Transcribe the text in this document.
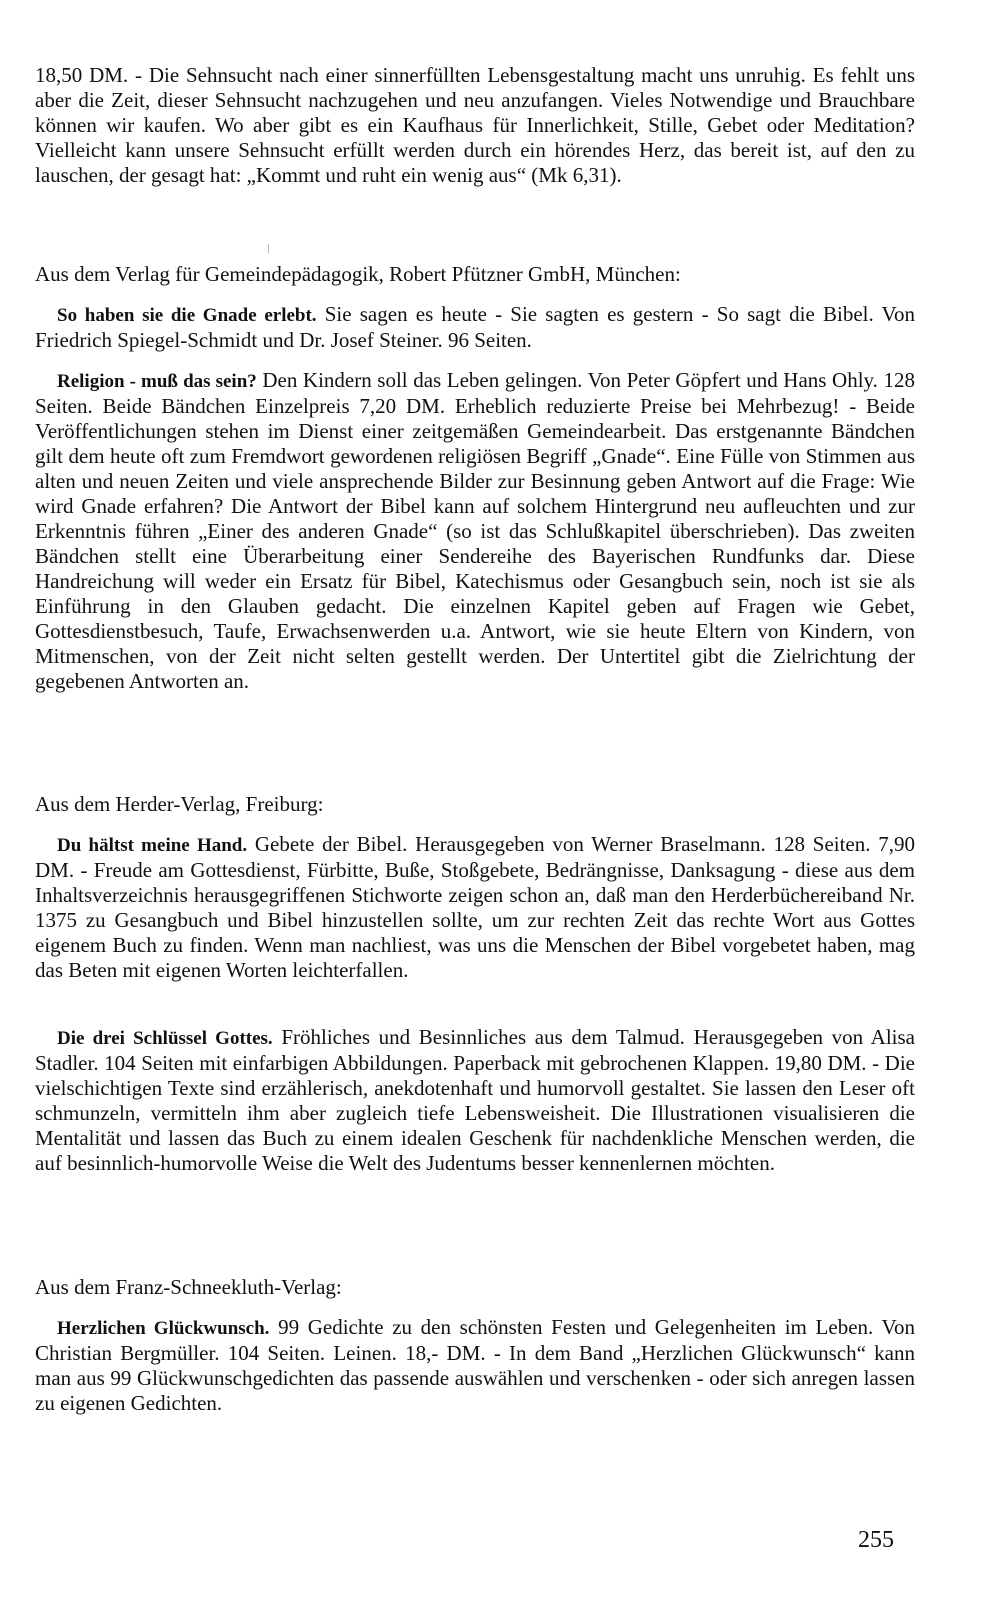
18,50 DM. - Die Sehnsucht nach einer sinnerfüllten Lebensgestaltung macht uns unruhig. Es fehlt uns aber die Zeit, dieser Sehnsucht nachzugehen und neu anzufangen. Vieles Notwendige und Brauchbare können wir kaufen. Wo aber gibt es ein Kaufhaus für Innerlichkeit, Stille, Gebet oder Meditation? Vielleicht kann unsere Sehnsucht erfüllt werden durch ein hörendes Herz, das bereit ist, auf den zu lauschen, der gesagt hat: „Kommt und ruht ein wenig aus“ (Mk 6,31).

Aus dem Verlag für Gemeindepädagogik, Robert Pfützner GmbH, München:

So haben sie die Gnade erlebt. Sie sagen es heute - Sie sagten es gestern - So sagt die Bibel. Von Friedrich Spiegel-Schmidt und Dr. Josef Steiner. 96 Seiten.

Religion - muß das sein? Den Kindern soll das Leben gelingen. Von Peter Göpfert und Hans Ohly. 128 Seiten. Beide Bändchen Einzelpreis 7,20 DM. Erheblich reduzierte Preise bei Mehrbezug! - Beide Veröffentlichungen stehen im Dienst einer zeitgemäßen Gemeindearbeit. Das erstgenannte Bändchen gilt dem heute oft zum Fremdwort gewordenen religiösen Begriff „Gnade“. Eine Fülle von Stimmen aus alten und neuen Zeiten und viele ansprechende Bilder zur Besinnung geben Antwort auf die Frage: Wie wird Gnade erfahren? Die Antwort der Bibel kann auf solchem Hintergrund neu aufleuchten und zur Erkenntnis führen „Einer des anderen Gnade“ (so ist das Schlußkapitel überschrieben). Das zweiten Bändchen stellt eine Überarbeitung einer Sendereihe des Bayerischen Rundfunks dar. Diese Handreichung will weder ein Ersatz für Bibel, Katechismus oder Gesangbuch sein, noch ist sie als Einführung in den Glauben gedacht. Die einzelnen Kapitel geben auf Fragen wie Gebet, Gottesdienstbesuch, Taufe, Erwachsenwerden u.a. Antwort, wie sie heute Eltern von Kindern, von Mitmenschen, von der Zeit nicht selten gestellt werden. Der Untertitel gibt die Zielrichtung der gegebenen Antworten an.

Aus dem Herder-Verlag, Freiburg:

Du hältst meine Hand. Gebete der Bibel. Herausgegeben von Werner Braselmann. 128 Seiten. 7,90 DM. - Freude am Gottesdienst, Fürbitte, Buße, Stoßgebete, Bedrängnisse, Danksagung - diese aus dem Inhaltsverzeichnis herausgegriffenen Stichworte zeigen schon an, daß man den Herderbüchereiband Nr. 1375 zu Gesangbuch und Bibel hinzustellen sollte, um zur rechten Zeit das rechte Wort aus Gottes eigenem Buch zu finden. Wenn man nachliest, was uns die Menschen der Bibel vorgebetet haben, mag das Beten mit eigenen Worten leichterfallen.

Die drei Schlüssel Gottes. Fröhliches und Besinnliches aus dem Talmud. Herausgegeben von Alisa Stadler. 104 Seiten mit einfarbigen Abbildungen. Paperback mit gebrochenen Klappen. 19,80 DM. - Die vielschichtigen Texte sind erzählerisch, anekdotenhaft und humorvoll gestaltet. Sie lassen den Leser oft schmunzeln, vermitteln ihm aber zugleich tiefe Lebensweisheit. Die Illustrationen visualisieren die Mentalität und lassen das Buch zu einem idealen Geschenk für nachdenkliche Menschen werden, die auf besinnlich-humorvolle Weise die Welt des Judentums besser kennenlernen möchten.

Aus dem Franz-Schneekluth-Verlag:

Herzlichen Glückwunsch. 99 Gedichte zu den schönsten Festen und Gelegenheiten im Leben. Von Christian Bergmüller. 104 Seiten. Leinen. 18,- DM. - In dem Band „Herzlichen Glückwunsch“ kann man aus 99 Glückwunschgedichten das passende auswählen und verschenken - oder sich anregen lassen zu eigenen Gedichten.

255
